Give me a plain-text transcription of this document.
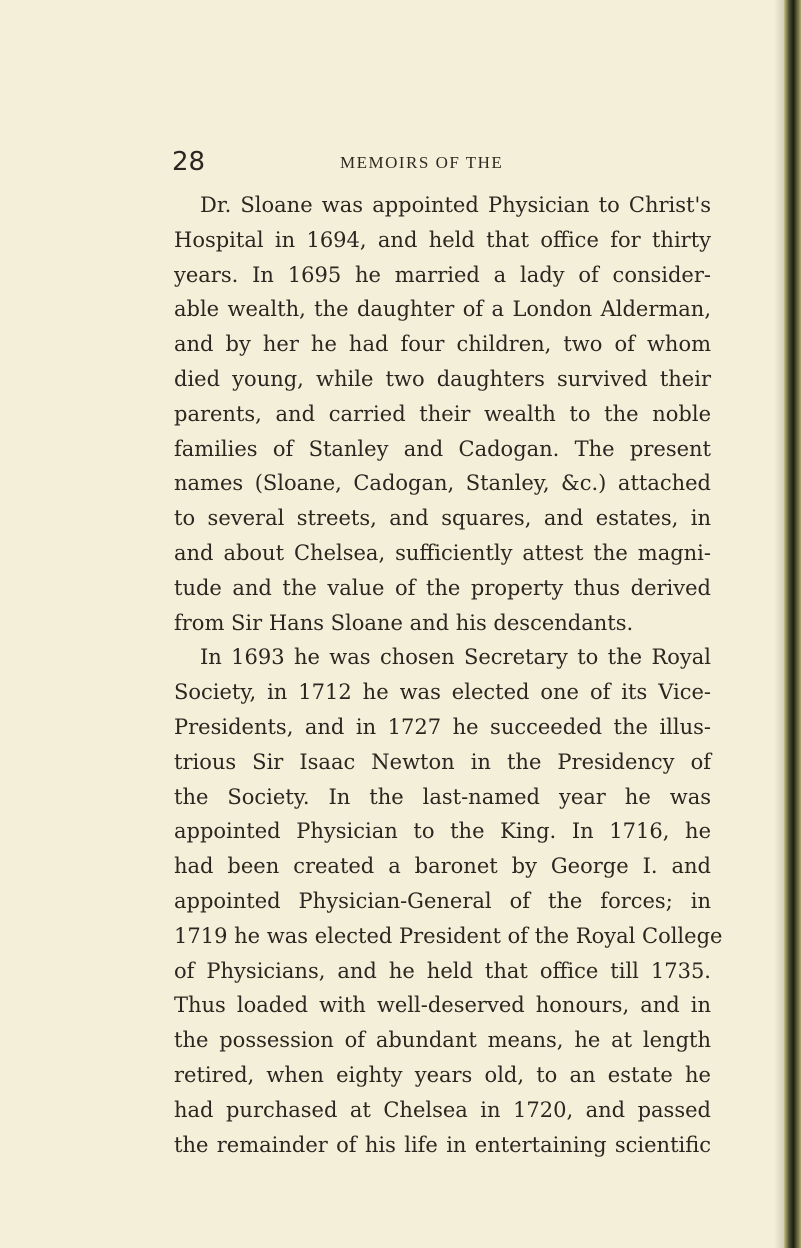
28	MEMOIRS OF THE
Dr. Sloane was appointed Physician to Christ's
Hospital in 1694, and held that office for thirty
years. In 1695 he married a lady of consider-
able wealth, the daughter of a London Alderman,
and by her he had four children, two of whom
died young, while two daughters survived their
parents, and carried their wealth to the noble
families of Stanley and Cadogan. The present
names (Sloane, Cadogan, Stanley, &c.) attached
to several streets, and squares, and estates, in
and about Chelsea, sufficiently attest the magni-
tude and the value of the property thus derived
from Sir Hans Sloane and his descendants.
In 1693 he was chosen Secretary to the Royal
Society, in 1712 he was elected one of its Vice-
Presidents, and in 1727 he succeeded the illus-
trious Sir Isaac Newton in the Presidency of
the Society. In the last-named year he was
appointed Physician to the King. In 1716, he
had been created a baronet by George I. and
appointed Physician-General of the forces; in
1719 he was elected President of the Royal College
of Physicians, and he held that office till 1735.
Thus loaded with well-deserved honours, and in
the possession of abundant means, he at length
retired, when eighty years old, to an estate he
had purchased at Chelsea in 1720, and passed
the remainder of his life in entertaining scientific
